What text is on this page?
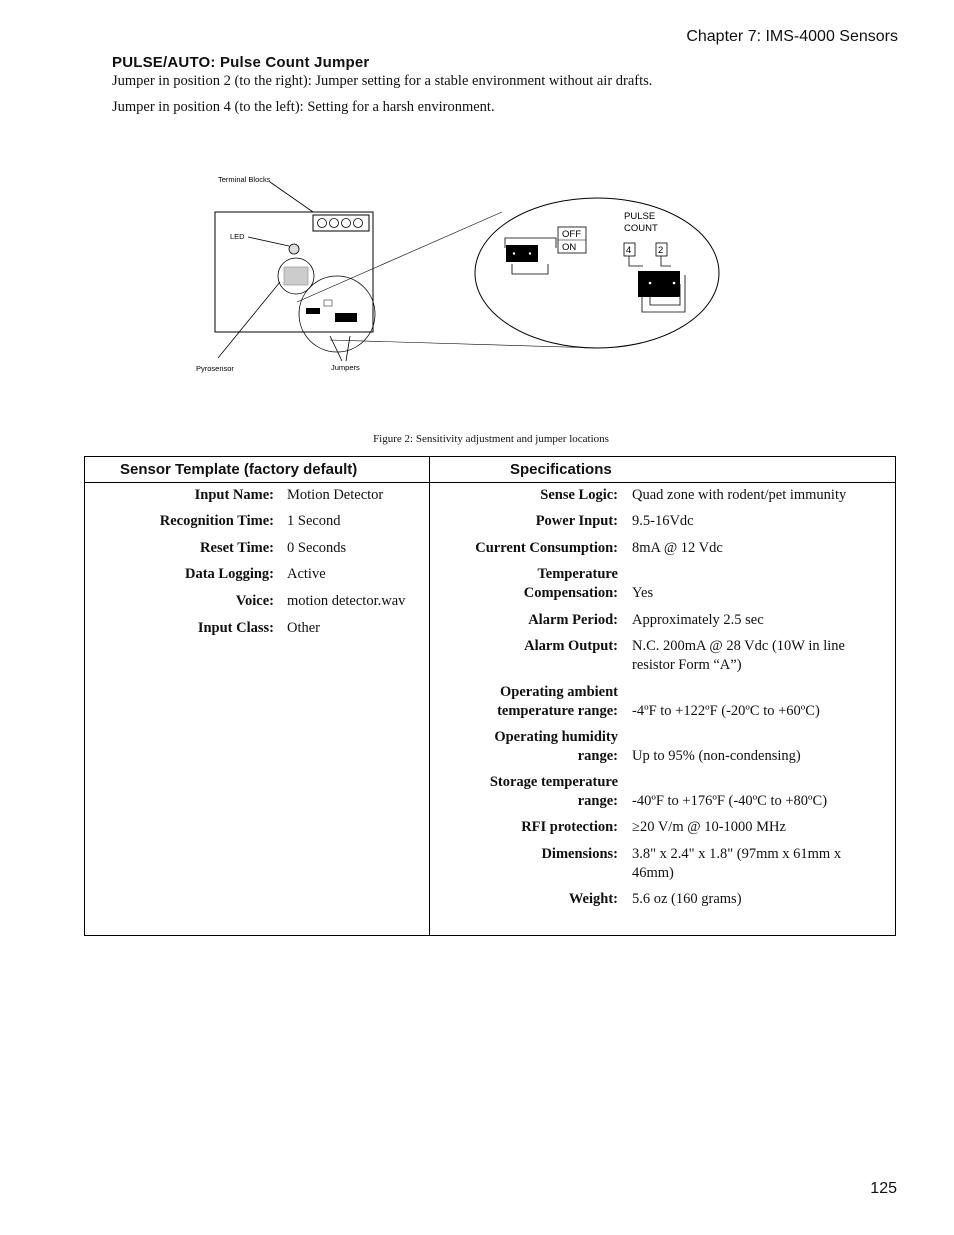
Chapter 7: IMS-4000 Sensors
PULSE/AUTO: Pulse Count Jumper
Jumper in position 2 (to the right): Jumper setting for a stable environment without air drafts.
Jumper in position 4 (to the left): Setting for a harsh environment.
Terminal Blocks
LED
Pyrosensor	Jumpers
OFF
ON
PULSE
COUNT
4	2
Figure 2: Sensitivity adjustment and jumper locations
Sensor Template (factory default)	Specifications
Input Name: Motion Detector
Recognition Time: 1 Second
Reset Time: 0 Seconds
Data Logging: Active
Voice: motion detector.wav
Input Class: Other
Sense Logic: Quad zone with rodent/pet immunity
Power Input: 9.5-16Vdc
Current Consumption: 8mA @ 12 Vdc
Temperature
Compensation: Yes
Alarm Period: Approximately 2.5 sec
Alarm Output: N.C. 200mA @ 28 Vdc (10W in line
resistor Form “A”)
Operating ambient
temperature range: -4ºF to +122ºF (-20ºC to +60ºC)
Operating humidity
range: Up to 95% (non-condensing)
Storage temperature
range: -40ºF to +176ºF (-40ºC to +80ºC)
RFI protection: ≥20 V/m @ 10-1000 MHz
Dimensions: 3.8" x 2.4" x 1.8" (97mm x 61mm x
46mm)
Weight: 5.6 oz (160 grams)
125
